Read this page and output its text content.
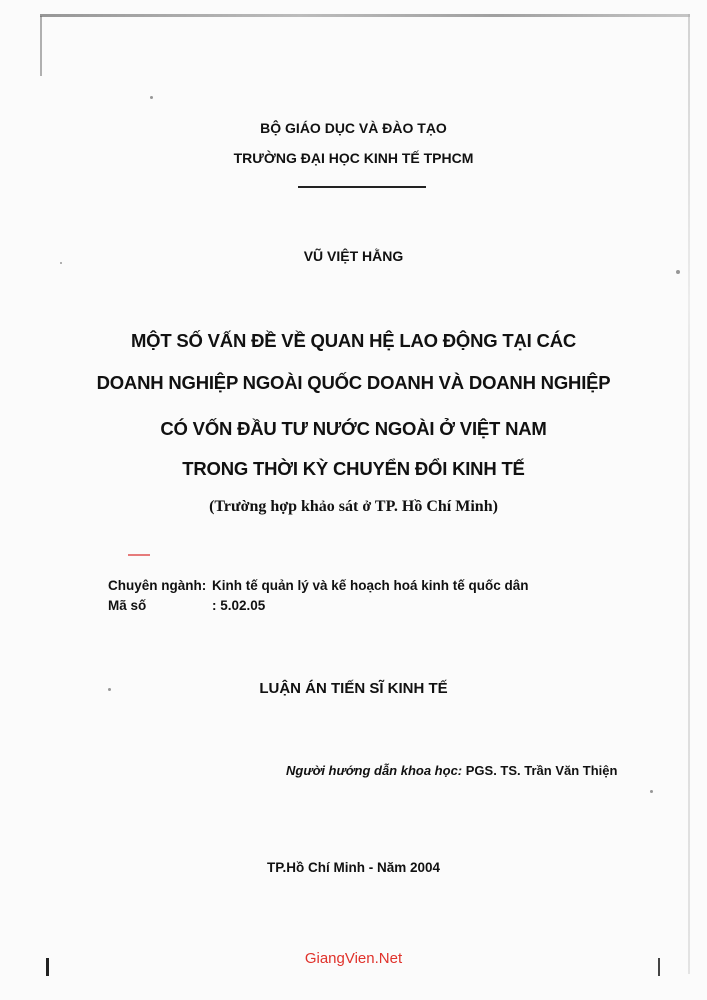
BỘ GIÁO DỤC VÀ ĐÀO TẠO
TRƯỜNG ĐẠI HỌC KINH TẾ TPHCM
VŨ VIỆT HẰNG
MỘT SỐ VẤN ĐỀ VỀ QUAN HỆ LAO ĐỘNG TẠI CÁC
DOANH NGHIỆP NGOÀI QUỐC DOANH VÀ DOANH NGHIỆP
CÓ VỐN ĐẦU TƯ NƯỚC NGOÀI Ở VIỆT NAM
TRONG THỜI KỲ CHUYỂN ĐỔI KINH TẾ
(Trường hợp khảo sát ở TP. Hồ Chí Minh)
Chuyên ngành: Kinh tế quản lý và kế hoạch hoá kinh tế quốc dân
Mã số	: 5.02.05
LUẬN ÁN TIẾN SĨ KINH TẾ
Người hướng dẫn khoa học: PGS. TS. Trần Văn Thiện
TP.Hồ Chí Minh - Năm 2004
GiangVien.Net
